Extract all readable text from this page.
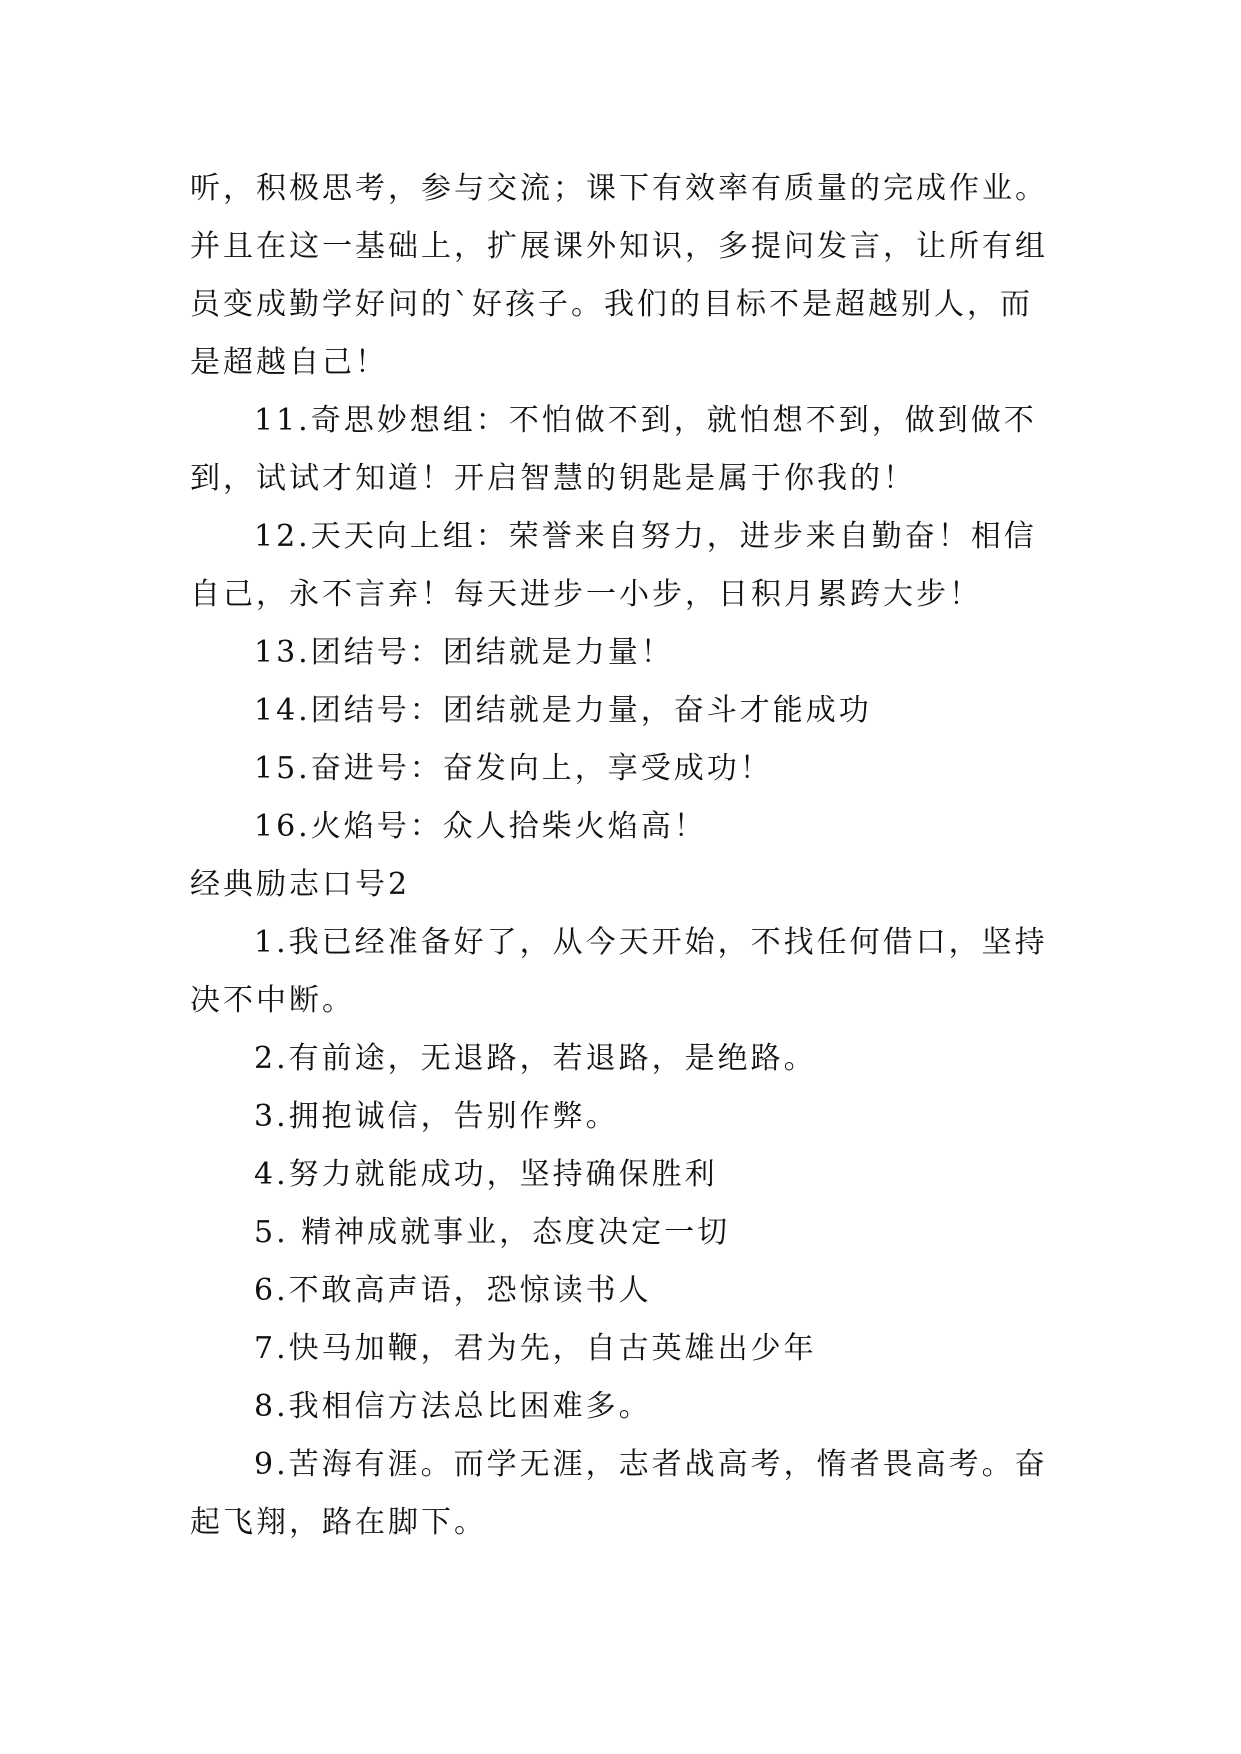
听，积极思考，参与交流；课下有效率有质量的完成作业。

并且在这一基础上，扩展课外知识，多提问发言，让所有组

员变成勤学好问的`好孩子。我们的目标不是超越别人，而

是超越自己！

11.奇思妙想组：不怕做不到，就怕想不到，做到做不

到，试试才知道！开启智慧的钥匙是属于你我的！

12.天天向上组：荣誉来自努力，进步来自勤奋！相信

自己，永不言弃！每天进步一小步，日积月累跨大步！

13.团结号：团结就是力量！

14.团结号：团结就是力量，奋斗才能成功

15.奋进号：奋发向上，享受成功！

16.火焰号：众人拾柴火焰高！

经典励志口号2

1.我已经准备好了，从今天开始，不找任何借口，坚持

决不中断。

2.有前途，无退路，若退路，是绝路。

3.拥抱诚信，告别作弊。

4.努力就能成功，坚持确保胜利

5. 精神成就事业，态度决定一切

6.不敢高声语，恐惊读书人

7.快马加鞭，君为先，自古英雄出少年

8.我相信方法总比困难多。

9.苦海有涯。而学无涯，志者战高考，惰者畏高考。奋

起飞翔，路在脚下。
